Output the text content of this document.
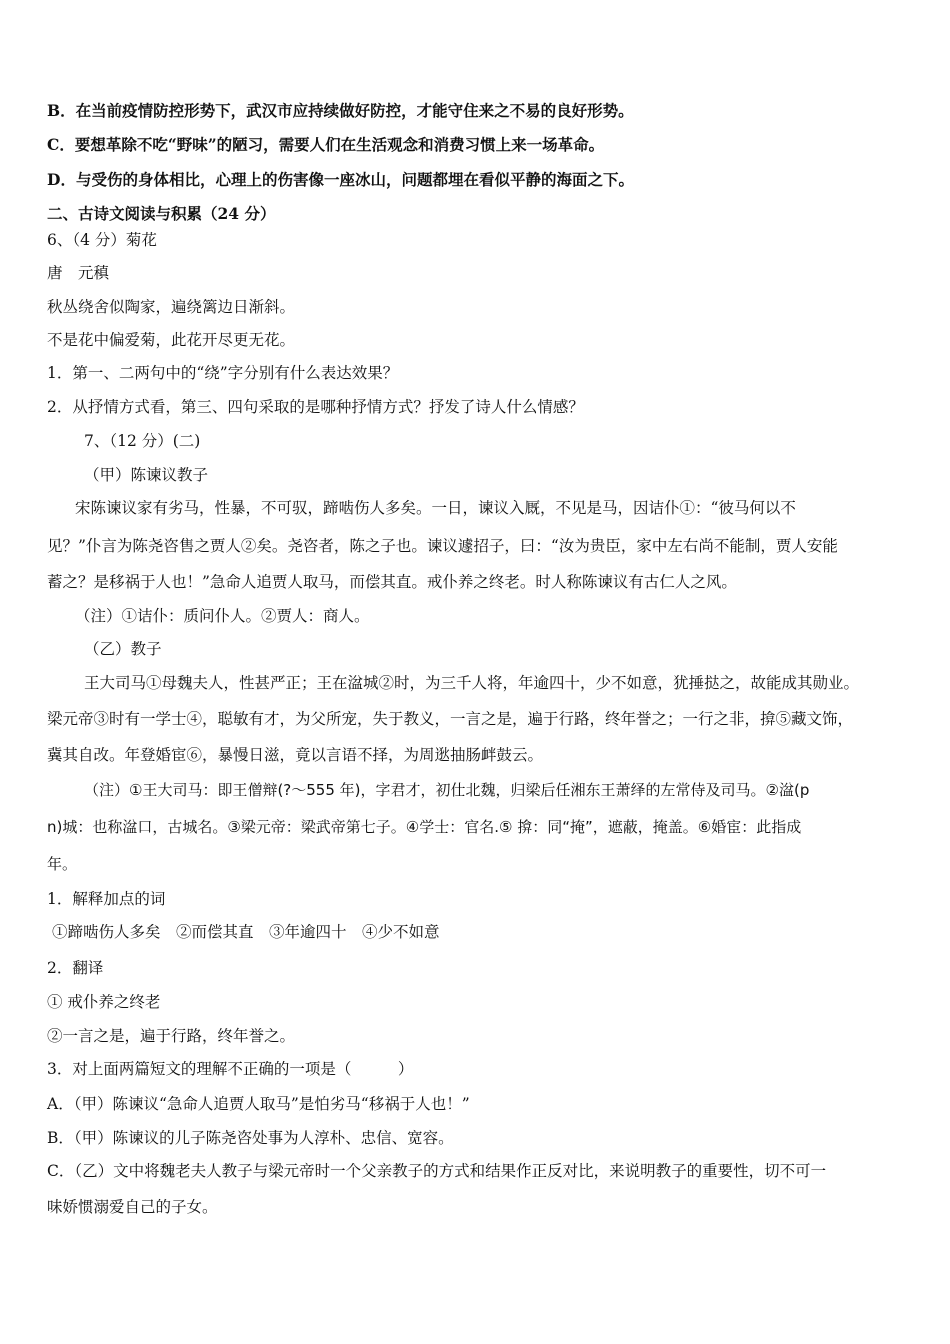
B．在当前疫情防控形势下，武汉市应持续做好防控，才能守住来之不易的良好形势。
C．要想革除不吃“野味”的陋习，需要人们在生活观念和消费习惯上来一场革命。
D．与受伤的身体相比，心理上的伤害像一座冰山，问题都埋在看似平静的海面之下。
二、古诗文阅读与积累（24 分）
6、（4 分）菊花
唐　元稹
秋丛绕舍似陶家，遍绕篱边日渐斜。
不是花中偏爱菊，此花开尽更无花。
1．第一、二两句中的“绕”字分别有什么表达效果？
2．从抒情方式看，第三、四句采取的是哪种抒情方式？抒发了诗人什么情感？
7、（12 分）(二)
（甲）陈谏议教子
宋陈谏议家有劣马，性暴，不可驭，蹄啮伤人多矣。一日，谏议入厩，不见是马，因诘仆①：“彼马何以不
见？”仆言为陈尧咨售之贾人②矣。尧咨者，陈之子也。谏议遽招子，曰：“汝为贵臣，家中左右尚不能制，贾人安能
蓄之？是移祸于人也！”急命人追贾人取马，而偿其直。戒仆养之终老。时人称陈谏议有古仁人之风。
（注）①诘仆：质问仆人。②贾人：商人。
（乙）教子
王大司马①母魏夫人，性甚严正；王在湓城②时，为三千人将，年逾四十，少不如意，犹捶挞之，故能成其勋业。
梁元帝③时有一学士④，聪敏有才，为父所宠，失于教义，一言之是，遍于行路，终年誉之；一行之非，揜⑤藏文饰，
冀其自改。年登婚宦⑥，暴慢日滋，竟以言语不择，为周逖抽肠衅鼓云。
（注）①王大司马：即王僧辩(?～555 年)，字君才，初仕北魏，归梁后任湘东王萧绎的左常侍及司马。②湓(p
n)城：也称湓口，古城名。③梁元帝：梁武帝第七子。④学士：官名.⑤ 揜：同“掩”，遮蔽，掩盖。⑥婚宦：此指成
年。
1．解释加点的词
①蹄啮伤人多矣　②而偿其直　③年逾四十　④少不如意
2．翻译
① 戒仆养之终老
②一言之是，遍于行路，终年誉之。
3．对上面两篇短文的理解不正确的一项是（　　　）
A．（甲）陈谏议“急命人追贾人取马”是怕劣马“移祸于人也！”
B．（甲）陈谏议的儿子陈尧咨处事为人淳朴、忠信、宽容。
C．（乙）文中将魏老夫人教子与梁元帝时一个父亲教子的方式和结果作正反对比，来说明教子的重要性，切不可一
味娇惯溺爱自己的子女。
